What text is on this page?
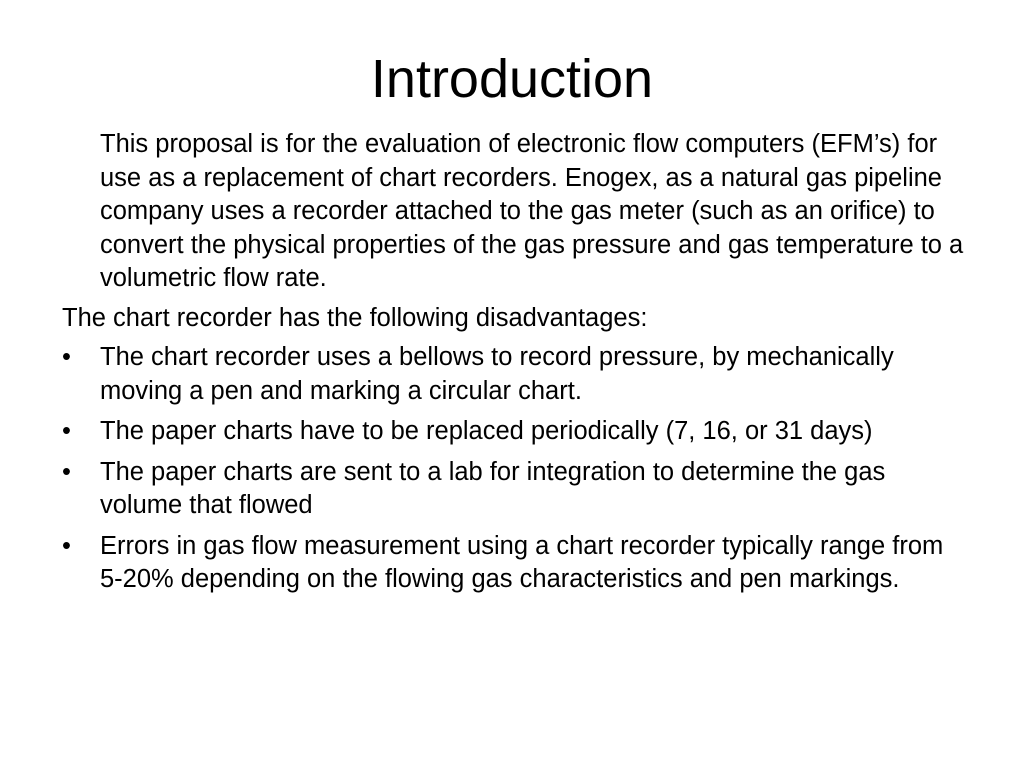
Introduction

This proposal is for the evaluation of electronic flow computers (EFM’s) for use as a replacement of chart recorders. Enogex, as a natural gas pipeline company uses a recorder attached to the gas meter (such as an orifice) to convert the physical properties of the gas pressure and gas temperature to a volumetric flow rate.

The chart recorder has the following disadvantages:

•	The chart recorder uses a bellows to record pressure, by mechanically moving a pen and marking a circular chart.
•	The paper charts have to be replaced periodically (7, 16, or 31 days)
•	The paper charts are sent to a lab for integration to determine the gas volume that flowed
•	Errors in gas flow measurement using a chart recorder typically range from 5-20% depending on the flowing gas characteristics and pen markings.
